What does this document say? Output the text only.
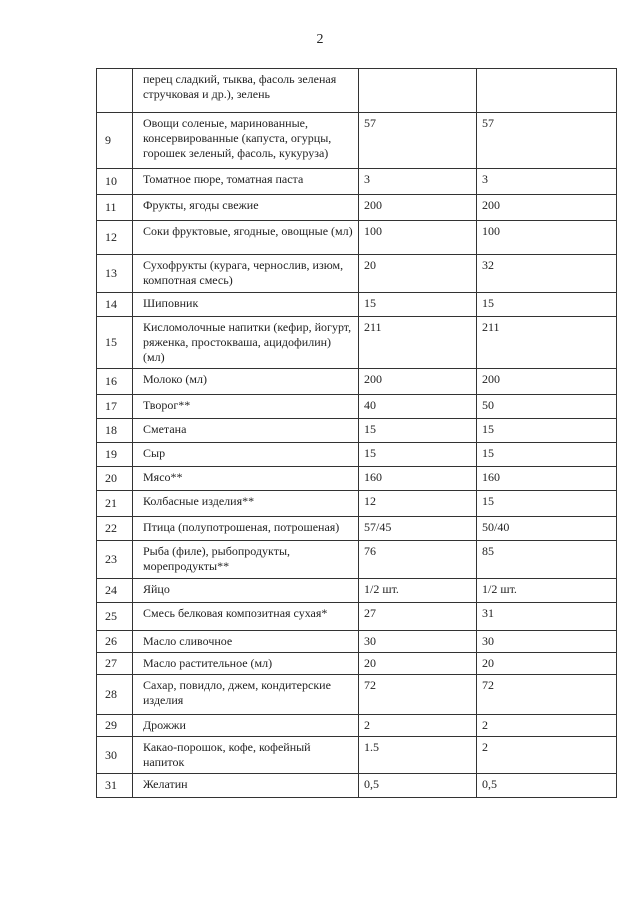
2
	перец сладкий, тыква, фасоль зеленая стручковая и др.), зелень		
9	Овощи соленые, маринованные, консервированные (капуста, огурцы, горошек зеленый, фасоль, кукуруза)	57	57
10	Томатное пюре, томатная паста	3	3
11	Фрукты, ягоды свежие	200	200
12	Соки фруктовые, ягодные, овощные (мл)	100	100
13	Сухофрукты (курага, чернослив, изюм, компотная смесь)	20	32
14	Шиповник	15	15
15	Кисломолочные напитки (кефир, йогурт, ряженка, простокваша, ацидофилин) (мл)	211	211
16	Молоко (мл)	200	200
17	Творог**	40	50
18	Сметана	15	15
19	Сыр	15	15
20	Мясо**	160	160
21	Колбасные изделия**	12	15
22	Птица (полупотрошеная, потрошеная)	57/45	50/40
23	Рыба (филе), рыбопродукты, морепродукты**	76	85
24	Яйцо	1/2 шт.	1/2 шт.
25	Смесь белковая композитная сухая*	27	31
26	Масло сливочное	30	30
27	Масло растительное (мл)	20	20
28	Сахар, повидло, джем, кондитерские изделия	72	72
29	Дрожжи	2	2
30	Какао-порошок, кофе, кофейный напиток	1.5	2
31	Желатин	0,5	0,5
